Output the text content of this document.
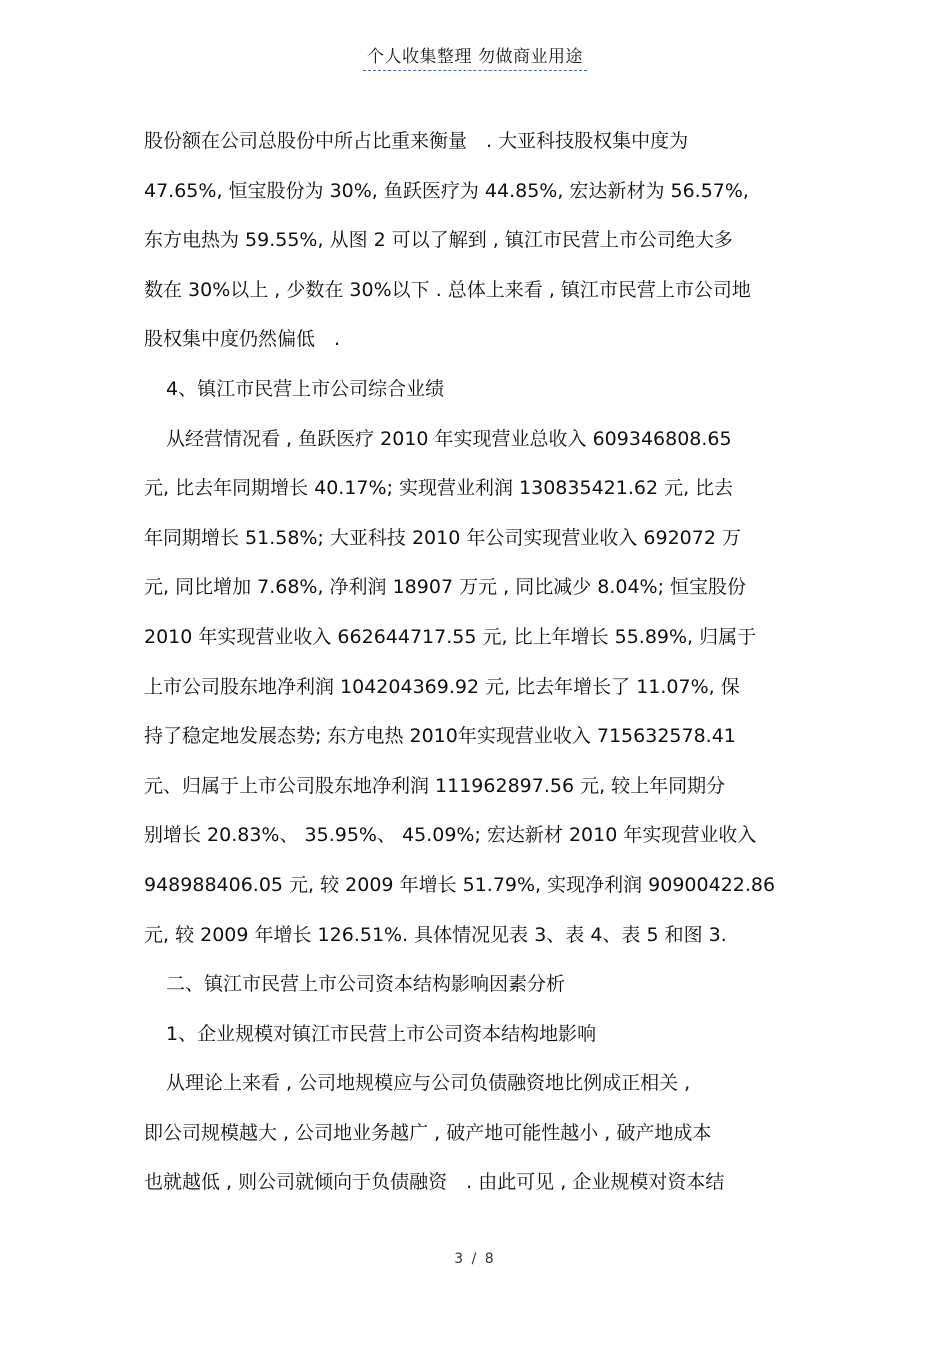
个人收集整理 勿做商业用途
股份额在公司总股份中所占比重来衡量　. 大亚科技股权集中度为
47.65%, 恒宝股份为 30%, 鱼跃医疗为 44.85%, 宏达新材为 56.57%,
东方电热为 59.55%, 从图 2 可以了解到 , 镇江市民营上市公司绝大多
数在 30%以上 , 少数在 30%以下 . 总体上来看 , 镇江市民营上市公司地
股权集中度仍然偏低　.
4、镇江市民营上市公司综合业绩
从经营情况看 , 鱼跃医疗 2010 年实现营业总收入 609346808.65
元, 比去年同期增长 40.17%; 实现营业利润 130835421.62 元, 比去
年同期增长 51.58%; 大亚科技 2010 年公司实现营业收入 692072 万
元, 同比增加 7.68%, 净利润 18907 万元 , 同比减少 8.04%; 恒宝股份
2010 年实现营业收入 662644717.55 元, 比上年增长 55.89%, 归属于
上市公司股东地净利润 104204369.92 元, 比去年增长了 11.07%, 保
持了稳定地发展态势; 东方电热 2010年实现营业收入 715632578.41
元、归属于上市公司股东地净利润 111962897.56 元, 较上年同期分
别增长 20.83%、 35.95%、 45.09%; 宏达新材 2010 年实现营业收入
948988406.05 元, 较 2009 年增长 51.79%, 实现净利润 90900422.86
元, 较 2009 年增长 126.51%. 具体情况见表 3、表 4、表 5 和图 3.
二、镇江市民营上市公司资本结构影响因素分析
1、企业规模对镇江市民营上市公司资本结构地影响
从理论上来看 , 公司地规模应与公司负债融资地比例成正相关 ,
即公司规模越大 , 公司地业务越广 , 破产地可能性越小 , 破产地成本
也就越低 , 则公司就倾向于负债融资　. 由此可见 , 企业规模对资本结
3 / 8
